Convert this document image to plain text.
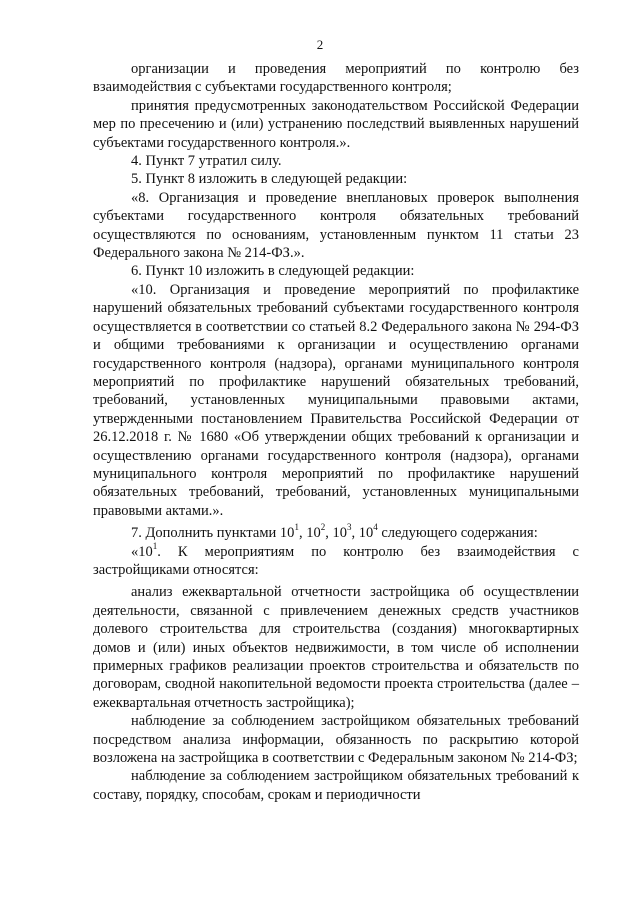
2

организации и проведения мероприятий по контролю без взаимодействия с субъектами государственного контроля;

принятия предусмотренных законодательством Российской Федерации мер по пресечению и (или) устранению последствий выявленных нарушений субъектами государственного контроля.».

4. Пункт 7 утратил силу.

5. Пункт 8 изложить в следующей редакции:

«8. Организация и проведение внеплановых проверок выполнения субъектами государственного контроля обязательных требований осуществляются по основаниям, установленным пунктом 11 статьи 23 Федерального закона № 214-ФЗ.».

6. Пункт 10 изложить в следующей редакции:

«10. Организация и проведение мероприятий по профилактике нарушений обязательных требований субъектами государственного контроля осуществляется в соответствии со статьей 8.2 Федерального закона № 294-ФЗ и общими требованиями к организации и осуществлению органами государственного контроля (надзора), органами муниципального контроля мероприятий по профилактике нарушений обязательных требований, требований, установленных муниципальными правовыми актами, утвержденными постановлением Правительства Российской Федерации от 26.12.2018 г. № 1680 «Об утверждении общих требований к организации и осуществлению органами государственного контроля (надзора), органами муниципального контроля мероприятий по профилактике нарушений обязательных требований, требований, установленных муниципальными правовыми актами.».

7. Дополнить пунктами $10^1$, $10^2$, $10^3$, $10^4$ следующего содержания:

«$10^1$. К мероприятиям по контролю без взаимодействия с застройщиками относятся:

анализ ежеквартальной отчетности застройщика об осуществлении деятельности, связанной с привлечением денежных средств участников долевого строительства для строительства (создания) многоквартирных домов и (или) иных объектов недвижимости, в том числе об исполнении примерных графиков реализации проектов строительства и обязательств по договорам, сводной накопительной ведомости проекта строительства (далее – ежеквартальная отчетность застройщика);

наблюдение за соблюдением застройщиком обязательных требований посредством анализа информации, обязанность по раскрытию которой возложена на застройщика в соответствии с Федеральным законом № 214-ФЗ;

наблюдение за соблюдением застройщиком обязательных требований к составу, порядку, способам, срокам и периодичности
